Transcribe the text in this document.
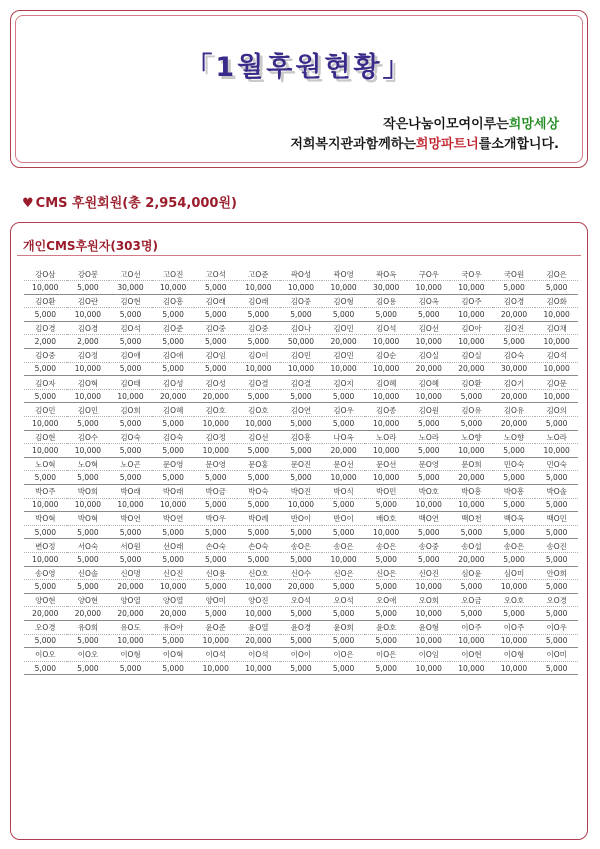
「1월후원현황」
작은나눔이모여이루는희망세상
저희복지관과함께하는희망파트너를소개합니다.
♥ CMS 후원회원(총 2,954,000원)
개인CMS후원자(303명)
강O삼	강O봉	고O선	고O진	고O석	고O준	곽O성	곽O영	곽O옥	구O우	국O우	국O원	김O은
10,000	5,000	30,000	10,000	5,000	10,000	10,000	10,000	30,000	10,000	10,000	5,000	5,000
김O환	김O란	김O현	김O흥	김O래	김O래	김O중	김O형	김O용	김O옥	김O주	김O경	김O화
5,000	10,000	5,000	5,000	5,000	5,000	5,000	5,000	5,000	5,000	10,000	20,000	10,000
김O경	김O경	김O석	김O준	김O중	김O중	김O나	김O민	김O석	김O선	김O아	김O진	김O채
2,000	2,000	5,000	5,000	5,000	5,000	50,000	20,000	10,000	10,000	10,000	5,000	10,000
김O중	김O정	김O애	김O애	김O임	김O이	김O민	김O민	김O순	김O실	김O실	김O숙	김O석
5,000	10,000	5,000	5,000	5,000	10,000	10,000	10,000	10,000	20,000	20,000	30,000	10,000
김O자	김O혁	김O태	김O성	김O성	김O결	김O결	김O지	김O혜	김O혜	김O환	김O기	김O문
5,000	10,000	10,000	20,000	20,000	5,000	5,000	5,000	10,000	10,000	5,000	20,000	10,000
김O민	김O민	김O희	김O혜	김O호	김O호	김O연	김O우	김O종	김O원	김O유	김O유	김O의
10,000	5,000	5,000	5,000	10,000	10,000	5,000	5,000	10,000	5,000	5,000	20,000	5,000
김O현	김O수	김O숙	김O숙	김O정	김O선	김O흥	나O옥	노O라	노O라	노O향	노O향	노O라
10,000	10,000	5,000	5,000	10,000	5,000	5,000	20,000	10,000	5,000	10,000	5,000	10,000
노O혁	노O혁	노O곤	문O영	문O영	문O홍	문O진	문O선	문O선	문O영	문O희	민O숙	민O숙
5,000	5,000	5,000	5,000	5,000	5,000	5,000	10,000	10,000	5,000	20,000	5,000	5,000
박O주	박O희	박O래	박O래	박O금	박O숙	박O진	박O식	박O민	박O호	박O흥	박O흥	박O솔
10,000	10,000	10,000	10,000	5,000	5,000	10,000	5,000	5,000	10,000	10,000	5,000	5,000
박O혁	박O혁	박O연	박O연	박O우	박O례	반O이	반O이	배O호	백O연	백O천	백O옥	백O민
5,000	5,000	5,000	5,000	5,000	5,000	5,000	5,000	10,000	5,000	5,000	5,000	5,000
변O정	서O숙	서O원	선O래	손O숙	손O숙	송O은	송O은	송O은	송O중	송O섭	송O은	송O진
10,000	5,000	5,000	5,000	5,000	5,000	5,000	10,000	5,000	5,000	20,000	5,000	5,000
송O영	신O솔	신O명	신O진	신O용	신O호	신O수	신O은	신O은	신O진	심O윤	심O미	안O희
5,000	5,000	20,000	10,000	5,000	10,000	20,000	5,000	5,000	10,000	5,000	10,000	5,000
양O현	양O현	양O열	양O열	양O미	양O진	오O석	오O석	오O애	오O희	오O금	오O호	오O경
20,000	20,000	20,000	20,000	5,000	10,000	5,000	5,000	5,000	10,000	5,000	5,000	5,000
오O경	유O희	유O도	유O아	윤O준	윤O열	윤O경	윤O희	윤O호	윤O형	이O주	이O주	이O우
5,000	5,000	10,000	5,000	10,000	20,000	5,000	5,000	5,000	10,000	10,000	10,000	5,000
이O오	이O오	이O형	이O혁	이O석	이O석	이O이	이O은	이O은	이O임	이O현	이O형	이O미
5,000	5,000	5,000	5,000	10,000	10,000	5,000	5,000	5,000	10,000	10,000	10,000	5,000
